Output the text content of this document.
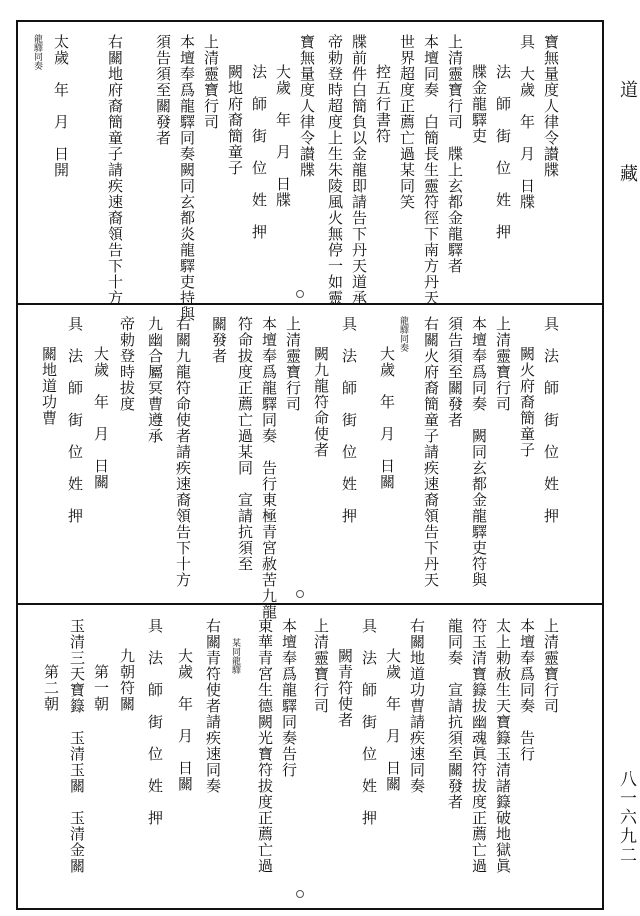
道　藏
八一六九二
寶無量度人律令讃牒
具　大歲　年　月　日牒
法　師　街　位　姓　押
牒金龍驛吏
上清靈寶行司　牒上玄都金龍驛者
本壇同奏　白簡長生靈符徑下南方丹天
世界超度正薦亡過某同笑
控五行書符
牒前件白簡負以金龍即請告下丹天道承
帝勅登時超度上生朱陵風火無停一如靈
寶無量度人律令讃牒
大歲　年　月　日牒
法　師　街　位　姓　押
闕地府裔簡童子
上清靈寶行司
本壇奉爲龍驛同奏闕同玄都炎龍驛吏持與
須告須至關發者
右關地府裔簡童子請疾速裔領告下十方
太歲　年　月　日開
龍驛同奏
具　法　師　街　位　姓　押
闕火府裔簡童子
上清靈寶行司
本壇奉爲同奏　闕同玄都金龍驛吏符與
須告須至關發者
右關火府裔簡童子請疾速裔領告下丹天
龍驛同奏
大歲　年　月　日關
具　法　師　街　位　姓　押
闕九龍符命使者
上清靈寶行司
本壇奉爲龍驛同奏　告行東極青宮赦苦九龍
符命拔度正薦亡過某同　宣請抗須至
關發者
右關九龍符命使者請疾速裔領告下十方
九幽合屬冥曹遵承
帝勅登時拔度
大歲　年　月　日關
具　法　師　街　位　姓　押
關地道功曹
上清靈寶行司
本壇奉爲同奏　告行
太上勅赦生天寶籙玉清諸籙破地獄眞
符玉清寶籙拔幽魂眞符拔度正薦亡過
龍同奏　宣請抗須至關發者
右關地道功曹請疾速同奏
大歲　年　月　日關
具　法　師　街　位　姓　押
闕青符使者
上清靈寶行司
本壇奉爲龍驛同奏告行
東華青宮生德闕光寶符拔度正薦亡過
某同龍驛
右關青符使者請疾速同奏
大歲　年　月　日關
具　法　師　街　位　姓　押
九朝符關
第一朝
玉清三天寶籙　玉清玉關　玉清金關
第二朝
